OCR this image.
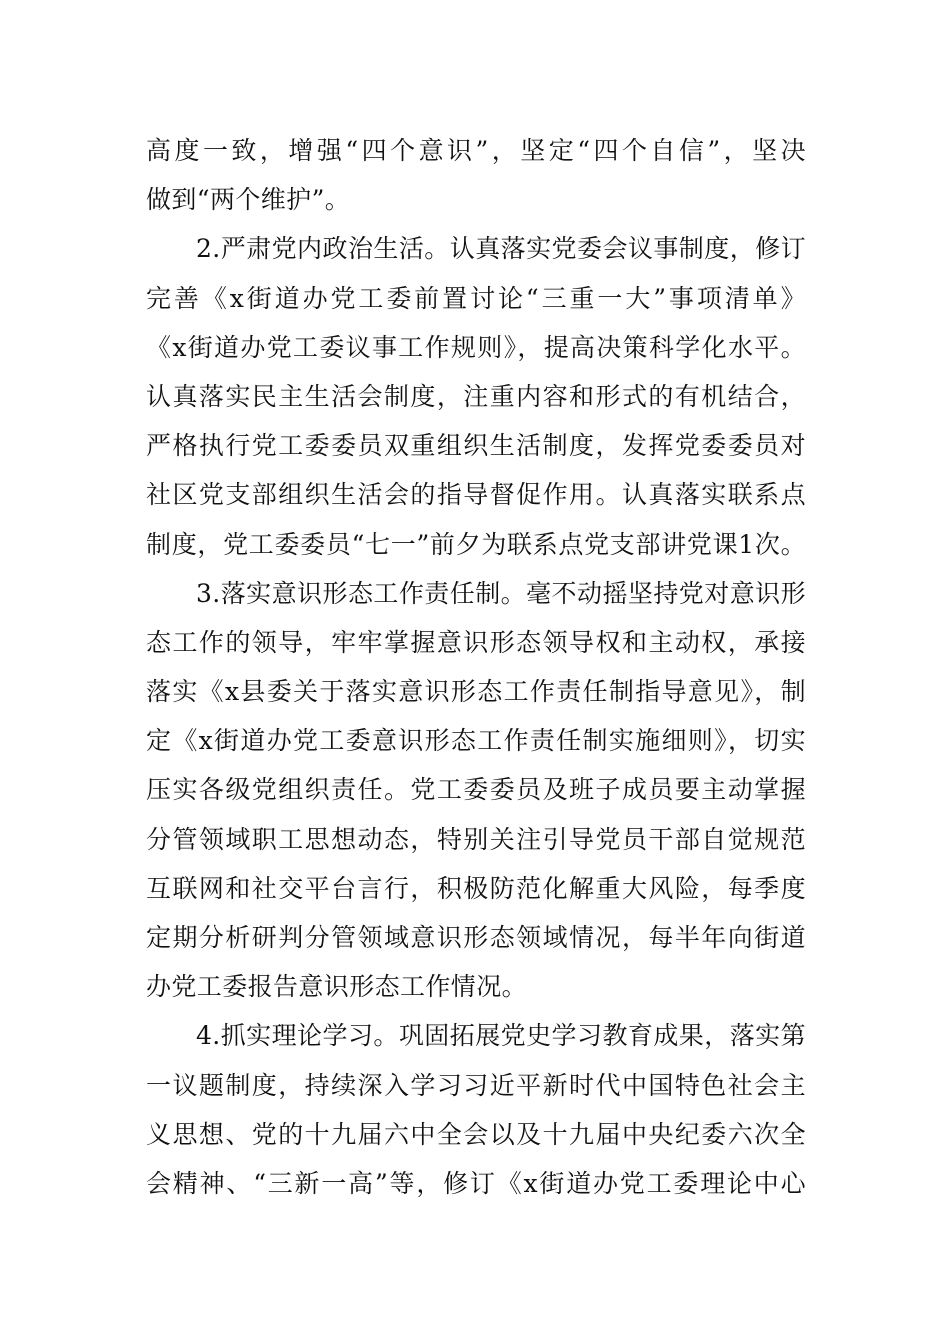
高度一致，增强“四个意识”，坚定“四个自信”，坚决
做到“两个维护”。
2.严肃党内政治生活。认真落实党委会议事制度，修订
完善《x街道办党工委前置讨论“三重一大”事项清单》
《x街道办党工委议事工作规则》，提高决策科学化水平。
认真落实民主生活会制度，注重内容和形式的有机结合，
严格执行党工委委员双重组织生活制度，发挥党委委员对
社区党支部组织生活会的指导督促作用。认真落实联系点
制度，党工委委员“七一”前夕为联系点党支部讲党课1次。
3.落实意识形态工作责任制。毫不动摇坚持党对意识形
态工作的领导，牢牢掌握意识形态领导权和主动权，承接
落实《x县委关于落实意识形态工作责任制指导意见》，制
定《x街道办党工委意识形态工作责任制实施细则》，切实
压实各级党组织责任。党工委委员及班子成员要主动掌握
分管领域职工思想动态，特别关注引导党员干部自觉规范
互联网和社交平台言行，积极防范化解重大风险，每季度
定期分析研判分管领域意识形态领域情况，每半年向街道
办党工委报告意识形态工作情况。
4.抓实理论学习。巩固拓展党史学习教育成果，落实第
一议题制度，持续深入学习习近平新时代中国特色社会主
义思想、党的十九届六中全会以及十九届中央纪委六次全
会精神、“三新一高”等，修订《x街道办党工委理论中心
